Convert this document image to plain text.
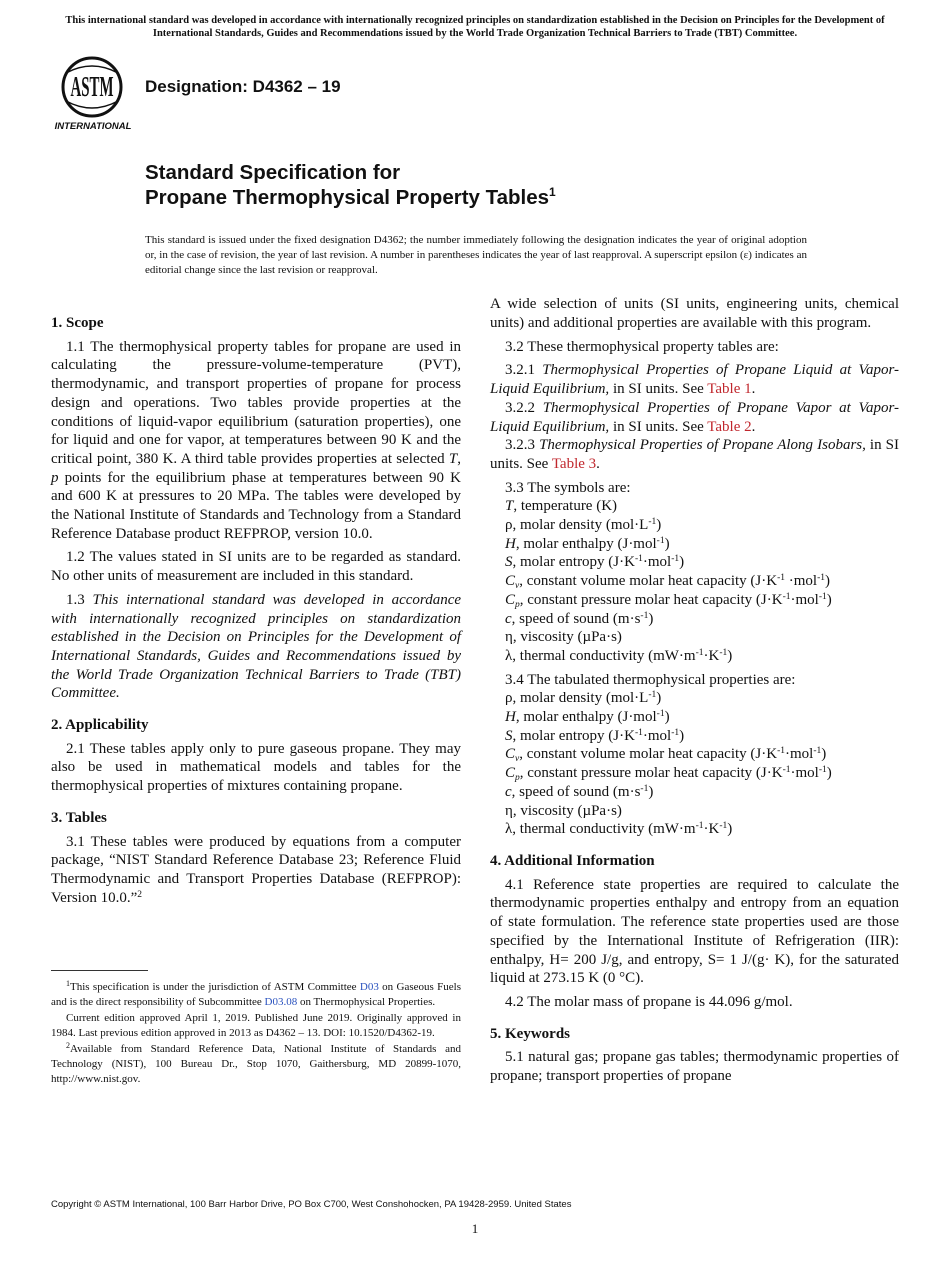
This international standard was developed in accordance with internationally recognized principles on standardization established in the Decision on Principles for the Development of International Standards, Guides and Recommendations issued by the World Trade Organization Technical Barriers to Trade (TBT) Committee.
ASTM
INTERNATIONAL
Designation: D4362 – 19
Standard Specification for
Propane Thermophysical Property Tables$^1$
This standard is issued under the fixed designation D4362; the number immediately following the designation indicates the year of original adoption or, in the case of revision, the year of last revision. A number in parentheses indicates the year of last reapproval. A superscript epsilon (ε) indicates an editorial change since the last revision or reapproval.
1. Scope

1.1 The thermophysical property tables for propane are used in calculating the pressure-volume-temperature (PVT), thermodynamic, and transport properties of propane for process design and operations. Two tables provide properties at the conditions of liquid-vapor equilibrium (saturation properties), one for liquid and one for vapor, at temperatures between 90 K and the critical point, 380 K. A third table provides properties at selected T, p points for the equilibrium phase at temperatures between 90 K and 600 K at pressures to 20 MPa. The tables were developed by the National Institute of Standards and Technology from a Standard Reference Database product REFPROP, version 10.0.

1.2 The values stated in SI units are to be regarded as standard. No other units of measurement are included in this standard.

1.3 This international standard was developed in accordance with internationally recognized principles on standardization established in the Decision on Principles for the Development of International Standards, Guides and Recommendations issued by the World Trade Organization Technical Barriers to Trade (TBT) Committee.

2. Applicability

2.1 These tables apply only to pure gaseous propane. They may also be used in mathematical models and tables for the thermophysical properties of mixtures containing propane.

3. Tables

3.1 These tables were produced by equations from a computer package, “NIST Standard Reference Database 23; Reference Fluid Thermodynamic and Transport Properties Database (REFPROP): Version 10.0.”$^2$

A wide selection of units (SI units, engineering units, chemical units) and additional properties are available with this program.

3.2 These thermophysical property tables are:

3.2.1 Thermophysical Properties of Propane Liquid at Vapor-Liquid Equilibrium, in SI units. See Table 1.

3.2.2 Thermophysical Properties of Propane Vapor at Vapor-Liquid Equilibrium, in SI units. See Table 2.

3.2.3 Thermophysical Properties of Propane Along Isobars, in SI units. See Table 3.

3.3 The symbols are:

T, temperature (K)

ρ, molar density $(mol\cdot L^{-1})$

H, molar enthalpy (J·mol$^{-1}$)

S, molar entropy $(J\cdot K^{-1}\cdot mol^{-1})$

$C_v$, constant volume molar heat capacity $(J\cdot K^{-1} \cdot mol^{-1})$

$C_p$, constant pressure molar heat capacity $(J\cdot K^{-1}\cdot mol^{-1})$

c, speed of sound $(m\cdot s^{-1})$

η, viscosity (µPa·s)

λ, thermal conductivity $(mW\cdot m^{-1}\cdot K^{-1})$

3.4 The tabulated thermophysical properties are:

ρ, molar density $(mol\cdot L^{-1})$

H, molar enthalpy (J·mol$^{-1}$)

S, molar entropy $(J\cdot K^{-1}\cdot mol^{-1})$

$C_v$, constant volume molar heat capacity $(J\cdot K^{-1}\cdot mol^{-1})$

$C_p$, constant pressure molar heat capacity $(J\cdot K^{-1}\cdot mol^{-1})$

c, speed of sound $(m\cdot s^{-1})$

η, viscosity (µPa·s)

λ, thermal conductivity $(mW\cdot m^{-1}\cdot K^{-1})$

4. Additional Information

4.1 Reference state properties are required to calculate the thermodynamic properties enthalpy and entropy from an equation of state formulation. The reference state properties used are those specified by the International Institute of Refrigeration (IIR): enthalpy, H= 200 J/g, and entropy, S= 1 J/(g· K), for the saturated liquid at 273.15 K (0 °C).

4.2 The molar mass of propane is 44.096 g/mol.

5. Keywords

5.1 natural gas; propane gas tables; thermodynamic properties of propane; transport properties of propane

$^1$This specification is under the jurisdiction of ASTM Committee D03 on Gaseous Fuels and is the direct responsibility of Subcommittee D03.08 on Thermophysical Properties.

Current edition approved April 1, 2019. Published June 2019. Originally approved in 1984. Last previous edition approved in 2013 as D4362 – 13. DOI: 10.1520/D4362-19.

$^2$Available from Standard Reference Data, National Institute of Standards and Technology (NIST), 100 Bureau Dr., Stop 1070, Gaithersburg, MD 20899-1070, http://www.nist.gov.

Copyright © ASTM International, 100 Barr Harbor Drive, PO Box C700, West Conshohocken, PA 19428-2959. United States
1
